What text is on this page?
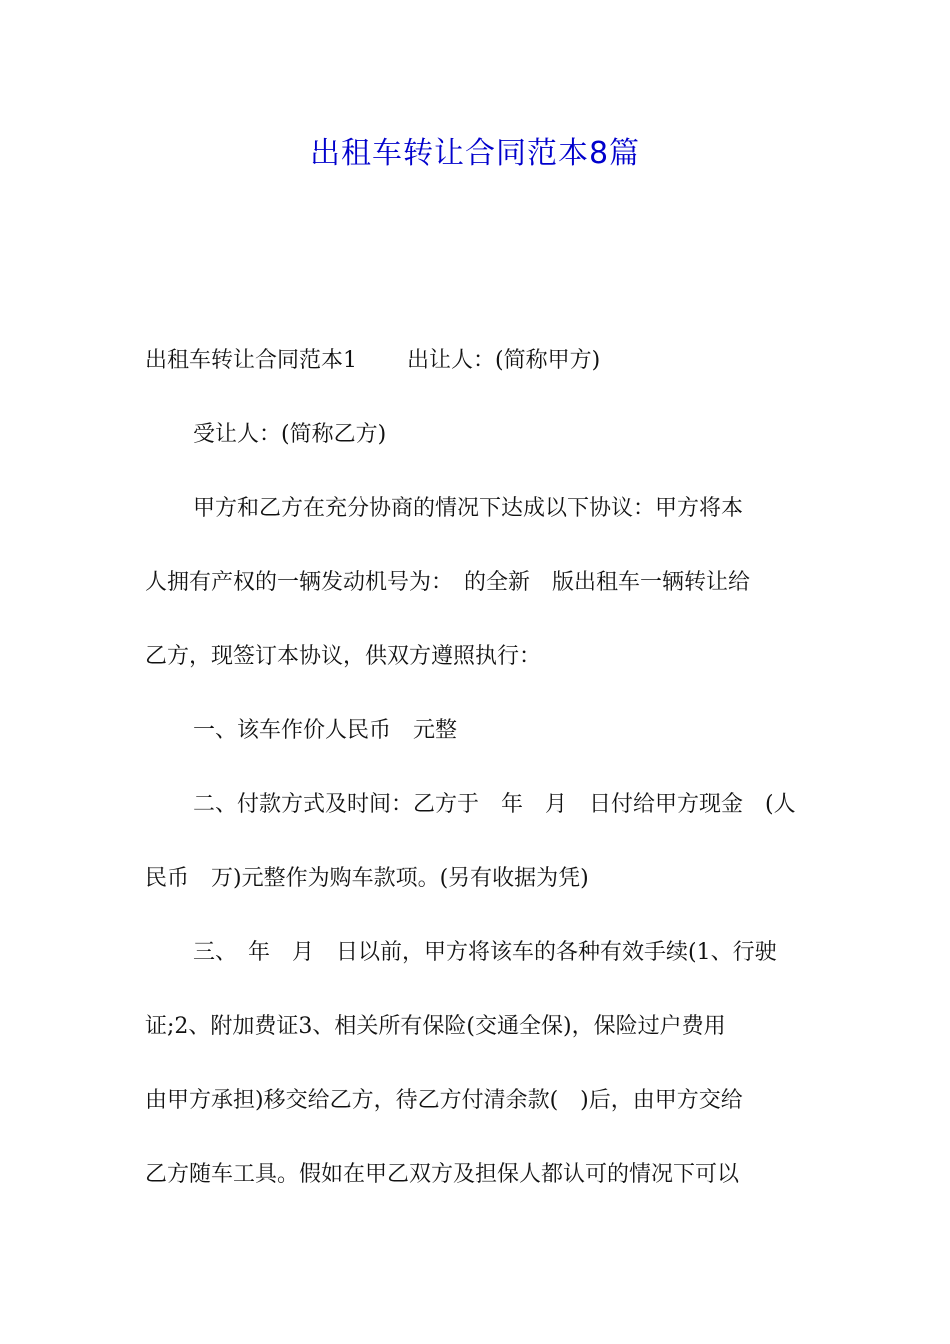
出租车转让合同范本8篇
出租车转让合同范本1 出让人：(简称甲方)
受让人：(简称乙方)
甲方和乙方在充分协商的情况下达成以下协议：甲方将本
人拥有产权的一辆发动机号为：　的全新　版出租车一辆转让给
乙方，现签订本协议，供双方遵照执行：
一、该车作价人民币　元整
二、付款方式及时间：乙方于　年　月　日付给甲方现金　(人
民币　万)元整作为购车款项。(另有收据为凭)
三、　年　月　日以前，甲方将该车的各种有效手续(1、行驶
证;2、附加费证3、相关所有保险(交通全保)，保险过户费用
由甲方承担)移交给乙方，待乙方付清余款(　)后，由甲方交给
乙方随车工具。假如在甲乙双方及担保人都认可的情况下可以
